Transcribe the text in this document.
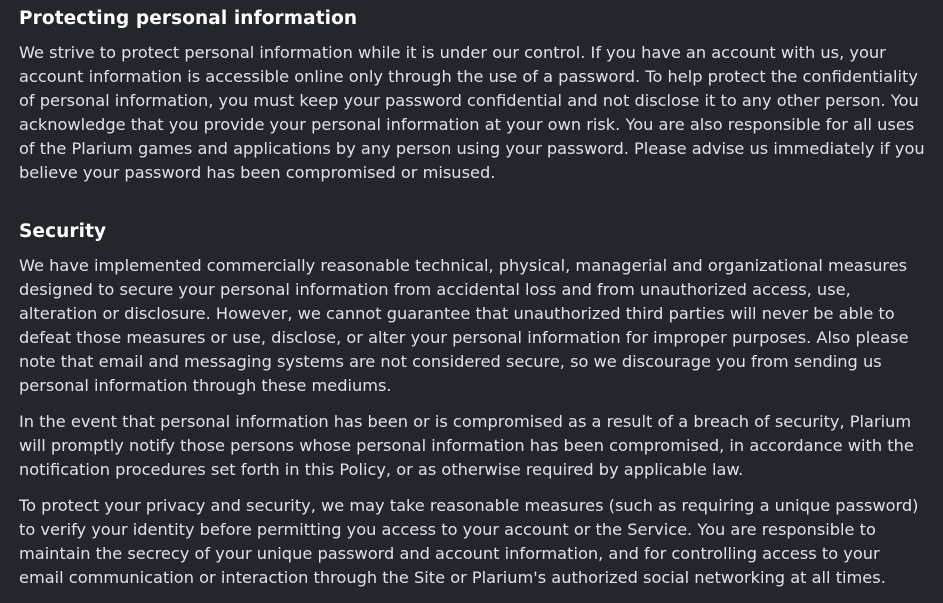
Protecting personal information

We strive to protect personal information while it is under our control. If you have an account with us, your account information is accessible online only through the use of a password. To help protect the confidentiality of personal information, you must keep your password confidential and not disclose it to any other person. You acknowledge that you provide your personal information at your own risk. You are also responsible for all uses of the Plarium games and applications by any person using your password. Please advise us immediately if you believe your password has been compromised or misused.

Security

We have implemented commercially reasonable technical, physical, managerial and organizational measures designed to secure your personal information from accidental loss and from unauthorized access, use, alteration or disclosure. However, we cannot guarantee that unauthorized third parties will never be able to defeat those measures or use, disclose, or alter your personal information for improper purposes. Also please note that email and messaging systems are not considered secure, so we discourage you from sending us personal information through these mediums.

In the event that personal information has been or is compromised as a result of a breach of security, Plarium will promptly notify those persons whose personal information has been compromised, in accordance with the notification procedures set forth in this Policy, or as otherwise required by applicable law.

To protect your privacy and security, we may take reasonable measures (such as requiring a unique password) to verify your identity before permitting you access to your account or the Service. You are responsible to maintain the secrecy of your unique password and account information, and for controlling access to your email communication or interaction through the Site or Plarium's authorized social networking at all times.
